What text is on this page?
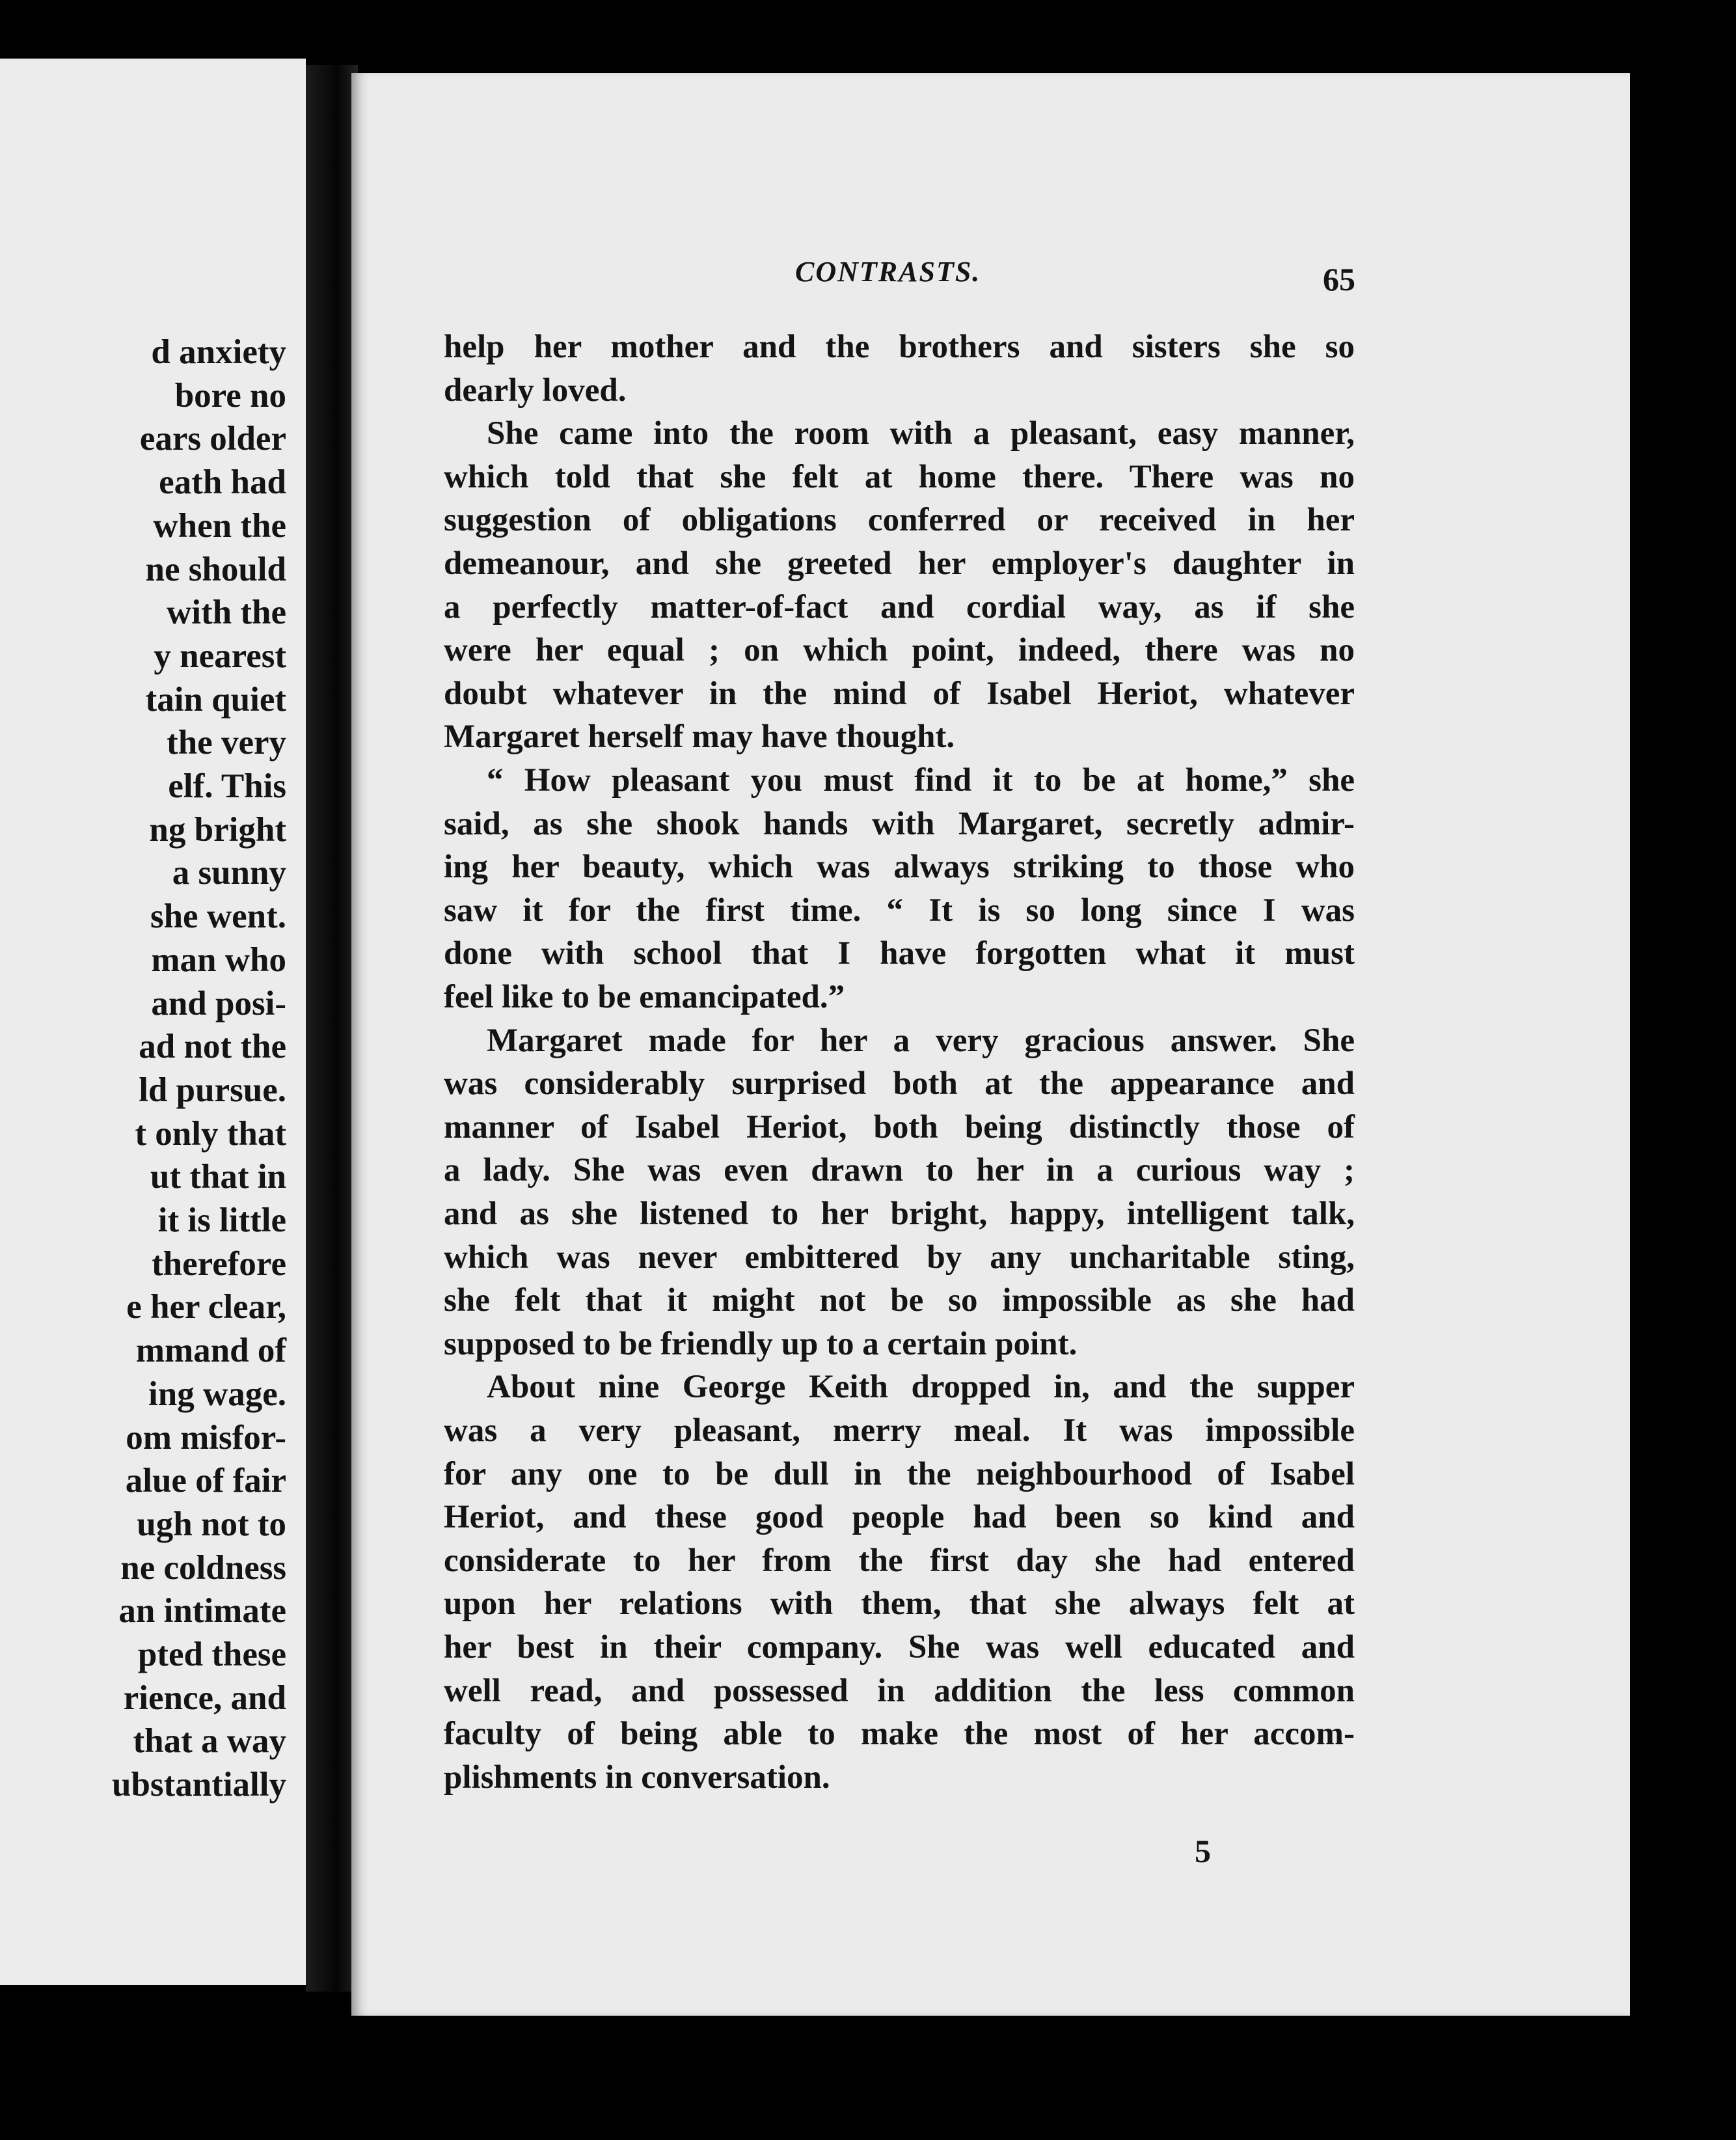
d anxiety
bore no
ears older
eath had
when the
ne should
with the
y nearest
tain quiet
the very
elf. This
ng bright
a sunny
she went.
man who
and posi-
ad not the
ld pursue.
t only that
ut that in
it is little
therefore
e her clear,
mmand of
ing wage.
om misfor-
alue of fair
ugh not to
ne coldness
an intimate
pted these
rience, and
that a way
ubstantially
CONTRASTS.	65
5
help her mother and the brothers and sisters she so
dearly loved.
She came into the room with a pleasant, easy manner,
which told that she felt at home there. There was no
suggestion of obligations conferred or received in her
demeanour, and she greeted her employer's daughter in
a perfectly matter-of-fact and cordial way, as if she
were her equal ; on which point, indeed, there was no
doubt whatever in the mind of Isabel Heriot, whatever
Margaret herself may have thought.
“ How pleasant you must find it to be at home,” she
said, as she shook hands with Margaret, secretly admir-
ing her beauty, which was always striking to those who
saw it for the first time. “ It is so long since I was
done with school that I have forgotten what it must
feel like to be emancipated.”
Margaret made for her a very gracious answer. She
was considerably surprised both at the appearance and
manner of Isabel Heriot, both being distinctly those of
a lady. She was even drawn to her in a curious way ;
and as she listened to her bright, happy, intelligent talk,
which was never embittered by any uncharitable sting,
she felt that it might not be so impossible as she had
supposed to be friendly up to a certain point.
About nine George Keith dropped in, and the supper
was a very pleasant, merry meal. It was impossible
for any one to be dull in the neighbourhood of Isabel
Heriot, and these good people had been so kind and
considerate to her from the first day she had entered
upon her relations with them, that she always felt at
her best in their company. She was well educated and
well read, and possessed in addition the less common
faculty of being able to make the most of her accom-
plishments in conversation.
